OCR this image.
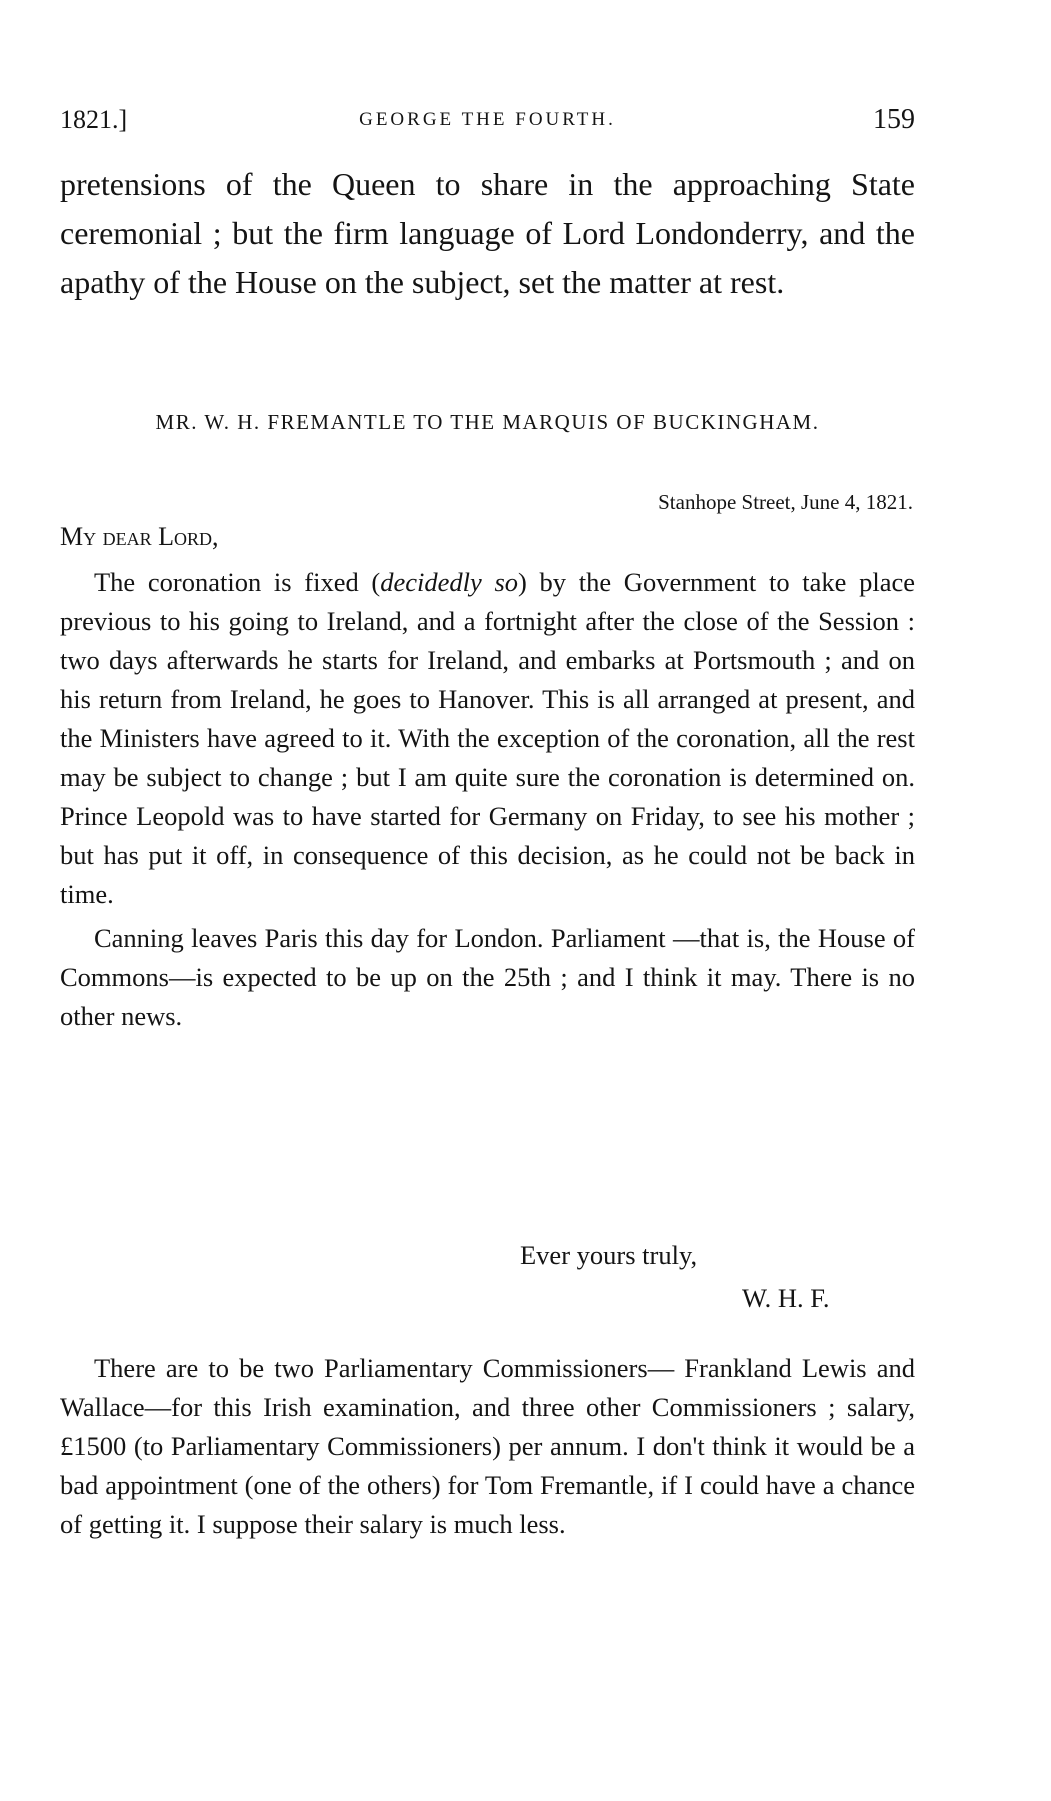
1821.]	GEORGE THE FOURTH.	159

pretensions of the Queen to share in the approaching State ceremonial ; but the firm language of Lord Londonderry, and the apathy of the House on the subject, set the matter at rest.

MR. W. H. FREMANTLE TO THE MARQUIS OF BUCKINGHAM.

Stanhope Street, June 4, 1821.

My dear Lord,

The coronation is fixed (decidedly so) by the Government to take place previous to his going to Ireland, and a fortnight after the close of the Session : two days afterwards he starts for Ireland, and embarks at Portsmouth ; and on his return from Ireland, he goes to Hanover. This is all arranged at present, and the Ministers have agreed to it. With the exception of the coronation, all the rest may be subject to change ; but I am quite sure the coronation is determined on. Prince Leopold was to have started for Germany on Friday, to see his mother ; but has put it off, in consequence of this decision, as he could not be back in time.

Canning leaves Paris this day for London. Parliament —that is, the House of Commons—is expected to be up on the 25th ; and I think it may. There is no other news.

Ever yours truly,

W. H. F.

There are to be two Parliamentary Commissioners— Frankland Lewis and Wallace—for this Irish examination, and three other Commissioners ; salary, £1500 (to Parliamentary Commissioners) per annum. I don't think it would be a bad appointment (one of the others) for Tom Fremantle, if I could have a chance of getting it. I suppose their salary is much less.
